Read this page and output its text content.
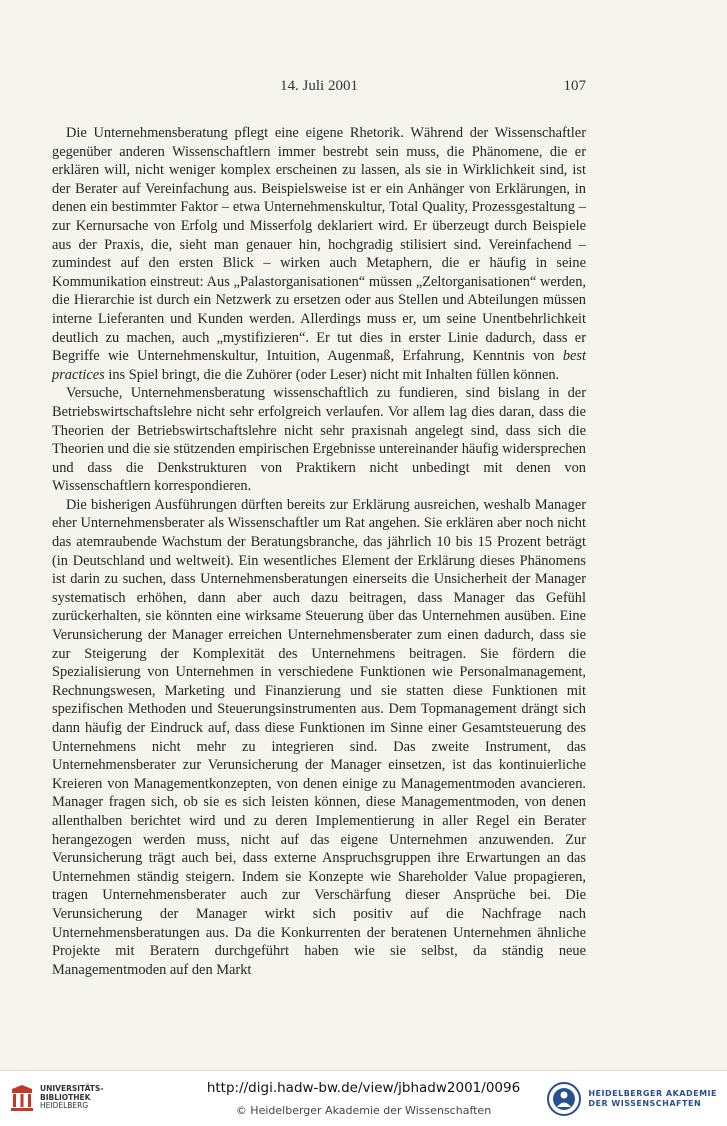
14. Juli 2001	107

Die Unternehmensberatung pflegt eine eigene Rhetorik. Während der Wissenschaftler gegenüber anderen Wissenschaftlern immer bestrebt sein muss, die Phänomene, die er erklären will, nicht weniger komplex erscheinen zu lassen, als sie in Wirklichkeit sind, ist der Berater auf Vereinfachung aus. Beispielsweise ist er ein Anhänger von Erklärungen, in denen ein bestimmter Faktor – etwa Unternehmenskultur, Total Quality, Prozessgestaltung – zur Kernursache von Erfolg und Misserfolg deklariert wird. Er überzeugt durch Beispiele aus der Praxis, die, sieht man genauer hin, hochgradig stilisiert sind. Vereinfachend – zumindest auf den ersten Blick – wirken auch Metaphern, die er häufig in seine Kommunikation einstreut: Aus „Palastorganisationen“ müssen „Zeltorganisationen“ werden, die Hierarchie ist durch ein Netzwerk zu ersetzen oder aus Stellen und Abteilungen müssen interne Lieferanten und Kunden werden. Allerdings muss er, um seine Unentbehrlichkeit deutlich zu machen, auch „mystifizieren“. Er tut dies in erster Linie dadurch, dass er Begriffe wie Unternehmenskultur, Intuition, Augenmaß, Erfahrung, Kenntnis von best practices ins Spiel bringt, die die Zuhörer (oder Leser) nicht mit Inhalten füllen können.

Versuche, Unternehmensberatung wissenschaftlich zu fundieren, sind bislang in der Betriebswirtschaftslehre nicht sehr erfolgreich verlaufen. Vor allem lag dies daran, dass die Theorien der Betriebswirtschaftslehre nicht sehr praxisnah angelegt sind, dass sich die Theorien und die sie stützenden empirischen Ergebnisse untereinander häufig widersprechen und dass die Denkstrukturen von Praktikern nicht unbedingt mit denen von Wissenschaftlern korrespondieren.

Die bisherigen Ausführungen dürften bereits zur Erklärung ausreichen, weshalb Manager eher Unternehmensberater als Wissenschaftler um Rat angehen. Sie erklären aber noch nicht das atemraubende Wachstum der Beratungsbranche, das jährlich 10 bis 15 Prozent beträgt (in Deutschland und weltweit). Ein wesentliches Element der Erklärung dieses Phänomens ist darin zu suchen, dass Unternehmensberatungen einerseits die Unsicherheit der Manager systematisch erhöhen, dann aber auch dazu beitragen, dass Manager das Gefühl zurückerhalten, sie könnten eine wirksame Steuerung über das Unternehmen ausüben. Eine Verunsicherung der Manager erreichen Unternehmensberater zum einen dadurch, dass sie zur Steigerung der Komplexität des Unternehmens beitragen. Sie fördern die Spezialisierung von Unternehmen in verschiedene Funktionen wie Personalmanagement, Rechnungswesen, Marketing und Finanzierung und sie statten diese Funktionen mit spezifischen Methoden und Steuerungsinstrumenten aus. Dem Topmanagement drängt sich dann häufig der Eindruck auf, dass diese Funktionen im Sinne einer Gesamtsteuerung des Unternehmens nicht mehr zu integrieren sind. Das zweite Instrument, das Unternehmensberater zur Verunsicherung der Manager einsetzen, ist das kontinuierliche Kreieren von Managementkonzepten, von denen einige zu Managementmoden avancieren. Manager fragen sich, ob sie es sich leisten können, diese Managementmoden, von denen allenthalben berichtet wird und zu deren Implementierung in aller Regel ein Berater herangezogen werden muss, nicht auf das eigene Unternehmen anzuwenden. Zur Verunsicherung trägt auch bei, dass externe Anspruchsgruppen ihre Erwartungen an das Unternehmen ständig steigern. Indem sie Konzepte wie Shareholder Value propagieren, tragen Unternehmensberater auch zur Verschärfung dieser Ansprüche bei. Die Verunsicherung der Manager wirkt sich positiv auf die Nachfrage nach Unternehmensberatungen aus. Da die Konkurrenten der beratenen Unternehmen ähnliche Projekte mit Beratern durchgeführt haben wie sie selbst, da ständig neue Managementmoden auf den Markt

UNIVERSITÄTS-
BIBLIOTHEK
HEIDELBERG
http://digi.hadw-bw.de/view/jbhadw2001/0096
© Heidelberger Akademie der Wissenschaften
HEIDELBERGER AKADEMIE
DER WISSENSCHAFTEN
